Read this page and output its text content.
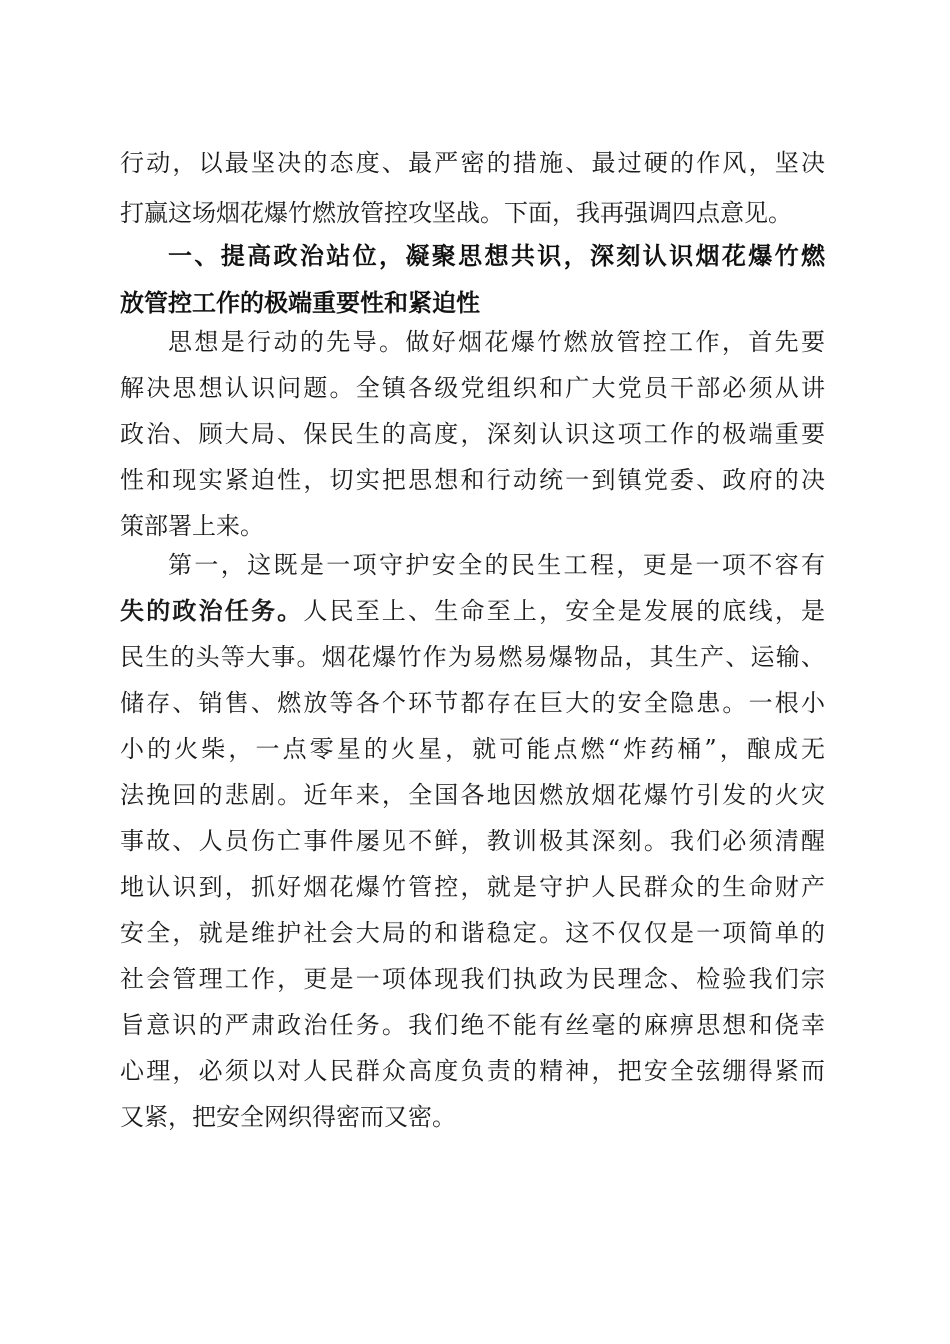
行动，以最坚决的态度、最严密的措施、最过硬的作风，坚决
打赢这场烟花爆竹燃放管控攻坚战。下面，我再强调四点意见。
一、提高政治站位，凝聚思想共识，深刻认识烟花爆竹燃
放管控工作的极端重要性和紧迫性
思想是行动的先导。做好烟花爆竹燃放管控工作，首先要
解决思想认识问题。全镇各级党组织和广大党员干部必须从讲
政治、顾大局、保民生的高度，深刻认识这项工作的极端重要
性和现实紧迫性，切实把思想和行动统一到镇党委、政府的决
策部署上来。
第一，这既是一项守护安全的民生工程，更是一项不容有
失的政治任务。人民至上、生命至上，安全是发展的底线，是
民生的头等大事。烟花爆竹作为易燃易爆物品，其生产、运输、
储存、销售、燃放等各个环节都存在巨大的安全隐患。一根小
小的火柴，一点零星的火星，就可能点燃“炸药桶”，酿成无
法挽回的悲剧。近年来，全国各地因燃放烟花爆竹引发的火灾
事故、人员伤亡事件屡见不鲜，教训极其深刻。我们必须清醒
地认识到，抓好烟花爆竹管控，就是守护人民群众的生命财产
安全，就是维护社会大局的和谐稳定。这不仅仅是一项简单的
社会管理工作，更是一项体现我们执政为民理念、检验我们宗
旨意识的严肃政治任务。我们绝不能有丝毫的麻痹思想和侥幸
心理，必须以对人民群众高度负责的精神，把安全弦绷得紧而
又紧，把安全网织得密而又密。
